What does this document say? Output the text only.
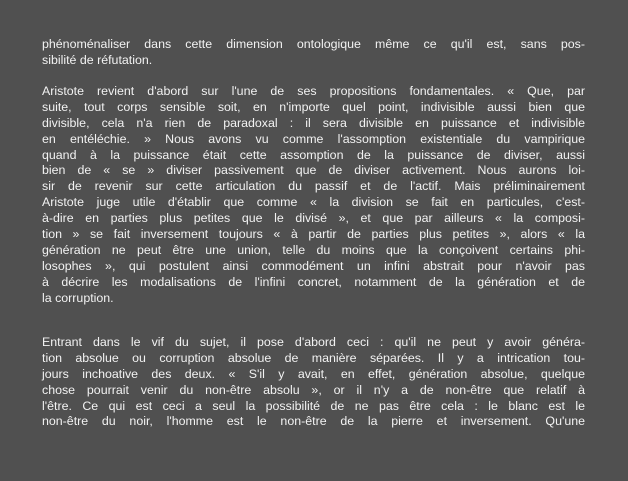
phénoménaliser dans cette dimension ontologique même ce qu'il est, sans pos-
sibilité de réfutation.
Aristote revient d'abord sur l'une de ses propositions fondamentales. « Que, par
suite, tout corps sensible soit, en n'importe quel point, indivisible aussi bien que
divisible, cela n'a rien de paradoxal : il sera divisible en puissance et indivisible
en entéléchie. » Nous avons vu comme l'assomption existentiale du vampirique
quand à la puissance était cette assomption de la puissance de diviser, aussi
bien de « se » diviser passivement que de diviser activement. Nous aurons loi-
sir de revenir sur cette articulation du passif et de l'actif. Mais préliminairement
Aristote juge utile d'établir que comme « la division se fait en particules, c'est-
à-dire en parties plus petites que le divisé », et que par ailleurs « la composi-
tion » se fait inversement toujours « à partir de parties plus petites », alors « la
génération ne peut être une union, telle du moins que la conçoivent certains phi-
losophes », qui postulent ainsi commodément un infini abstrait pour n'avoir pas
à décrire les modalisations de l'infini concret, notamment de la génération et de
la corruption.
Entrant dans le vif du sujet, il pose d'abord ceci : qu'il ne peut y avoir généra-
tion absolue ou corruption absolue de manière séparées. Il y a intrication tou-
jours inchoative des deux. « S'il y avait, en effet, génération absolue, quelque
chose pourrait venir du non-être absolu », or il n'y a de non-être que relatif à
l'être. Ce qui est ceci a seul la possibilité de ne pas être cela : le blanc est le
non-être du noir, l'homme est le non-être de la pierre et inversement. Qu'une
